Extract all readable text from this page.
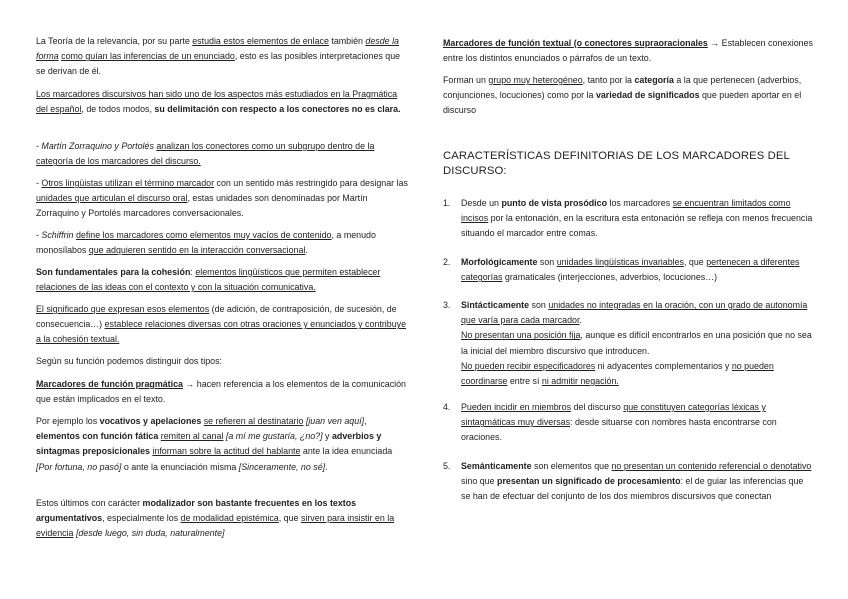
La Teoría de la relevancia, por su parte estudia estos elementos de enlace también desde la forma como guían las inferencias de un enunciado, esto es las posibles interpretaciones que se derivan de él.

Los marcadores discursivos han sido uno de los aspectos más estudiados en la Pragmática del español, de todos modos, su delimitación con respecto a los conectores no es clara.

- Martín Zorraquino y Portolés analizan los conectores como un subgrupo dentro de la categoría de los marcadores del discurso.

- Otros lingüistas utilizan el término marcador con un sentido más restringido para designar las unidades que articulan el discurso oral, estas unidades son denominadas por Martín Zorraquino y Portolés marcadores conversacionales.

- Schiffrin define los marcadores como elementos muy vacíos de contenido, a menudo monosílabos que adquieren sentido en la interacción conversacional.

Son fundamentales para la cohesión: elementos lingüísticos que permiten establecer relaciones de las ideas con el contexto y con la situación comunicativa.

El significado que expresan esos elementos (de adición, de contraposición, de sucesión, de consecuencia…) establece relaciones diversas con otras oraciones y enunciados y contribuye a la cohesión textual.

Según su función podemos distinguir dos tipos:

Marcadores de función pragmática → hacen referencia a los elementos de la comunicación que están implicados en el texto.

Por ejemplo los vocativos y apelaciones se refieren al destinatario [juan ven aquí], elementos con función fática remiten al canal [a mí me gustaría, ¿no?] y adverbios y sintagmas preposicionales informan sobre la actitud del hablante ante la idea enunciada [Por fortuna, no pasó] o ante la enunciación misma [Sinceramente, no sé].

Estos últimos con carácter modalizador son bastante frecuentes en los textos argumentativos, especialmente los de modalidad epistémica, que sirven para insistir en la evidencia [desde luego, sin duda, naturalmente]

Marcadores de función textual (o conectores supraoracionales → Establecen conexiones entre los distintos enunciados o párrafos de un texto.

Forman un grupo muy heterogéneo, tanto por la categoría a la que pertenecen (adverbios, conjunciones, locuciones) como por la variedad de significados que pueden aportar en el discurso

CARACTERÍSTICAS DEFINITORIAS DE LOS MARCADORES DEL DISCURSO:

1.	Desde un punto de vista prosódico los marcadores se encuentran limitados como incisos por la entonación, en la escritura esta entonación se refleja con menos frecuencia situando el marcador entre comas.
2.	Morfológicamente son unidades lingüísticas invariables, que pertenecen a diferentes categorías gramaticales (interjecciones, adverbios, locuciones…)
3.	Sintácticamente son unidades no integradas en la oración, con un grado de autonomía que varía para cada marcador.
No presentan una posición fija, aunque es difícil encontrarlos en una posición que no sea la inicial del miembro discursivo que introducen.
No pueden recibir especificadores ni adyacentes complementarios y no pueden coordinarse entre sí ni admitir negación.
4.	Pueden incidir en miembros del discurso que constituyen categorías léxicas y sintagmáticas muy diversas: desde situarse con nombres hasta encontrarse con oraciones.
5.	Semánticamente son elementos que no presentan un contenido referencial o denotativo sino que presentan un significado de procesamiento: el de guiar las inferencias que se han de efectuar del conjunto de los dos miembros discursivos que conectan
